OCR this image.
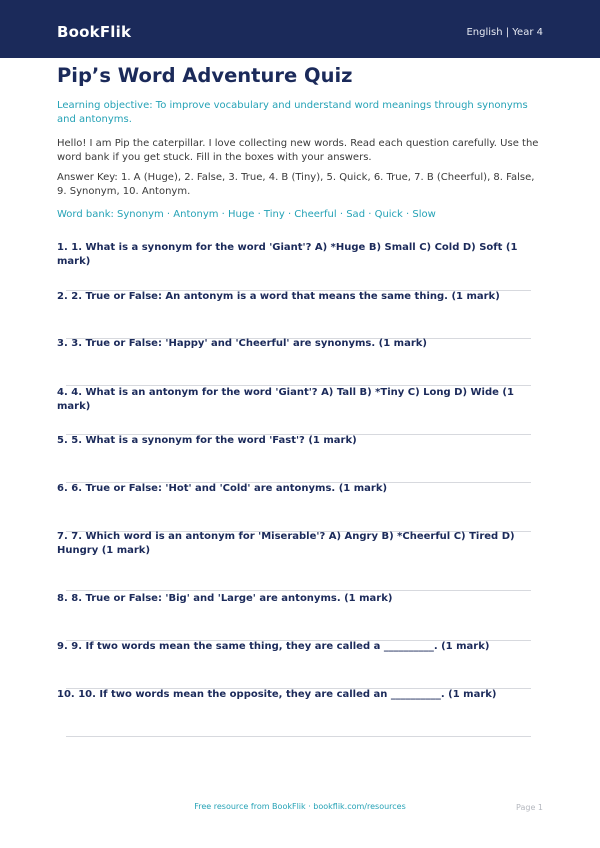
BookFlik	English | Year 4
Pip’s Word Adventure Quiz
Learning objective: To improve vocabulary and understand word meanings through synonyms and antonyms.
Hello! I am Pip the caterpillar. I love collecting new words. Read each question carefully. Use the word bank if you get stuck. Fill in the boxes with your answers.
Answer Key: 1. A (Huge), 2. False, 3. True, 4. B (Tiny), 5. Quick, 6. True, 7. B (Cheerful), 8. False, 9. Synonym, 10. Antonym.
Word bank: Synonym · Antonym · Huge · Tiny · Cheerful · Sad · Quick · Slow
1. 1. What is a synonym for the word 'Giant'? A) *Huge B) Small C) Cold D) Soft (1 mark)
2. 2. True or False: An antonym is a word that means the same thing. (1 mark)
3. 3. True or False: 'Happy' and 'Cheerful' are synonyms. (1 mark)
4. 4. What is an antonym for the word 'Giant'? A) Tall B) *Tiny C) Long D) Wide (1 mark)
5. 5. What is a synonym for the word 'Fast'? (1 mark)
6. 6. True or False: 'Hot' and 'Cold' are antonyms. (1 mark)
7. 7. Which word is an antonym for 'Miserable'? A) Angry B) *Cheerful C) Tired D) Hungry (1 mark)
8. 8. True or False: 'Big' and 'Large' are antonyms. (1 mark)
9. 9. If two words mean the same thing, they are called a __________. (1 mark)
10. 10. If two words mean the opposite, they are called an __________. (1 mark)
Free resource from BookFlik · bookflik.com/resources	Page 1
